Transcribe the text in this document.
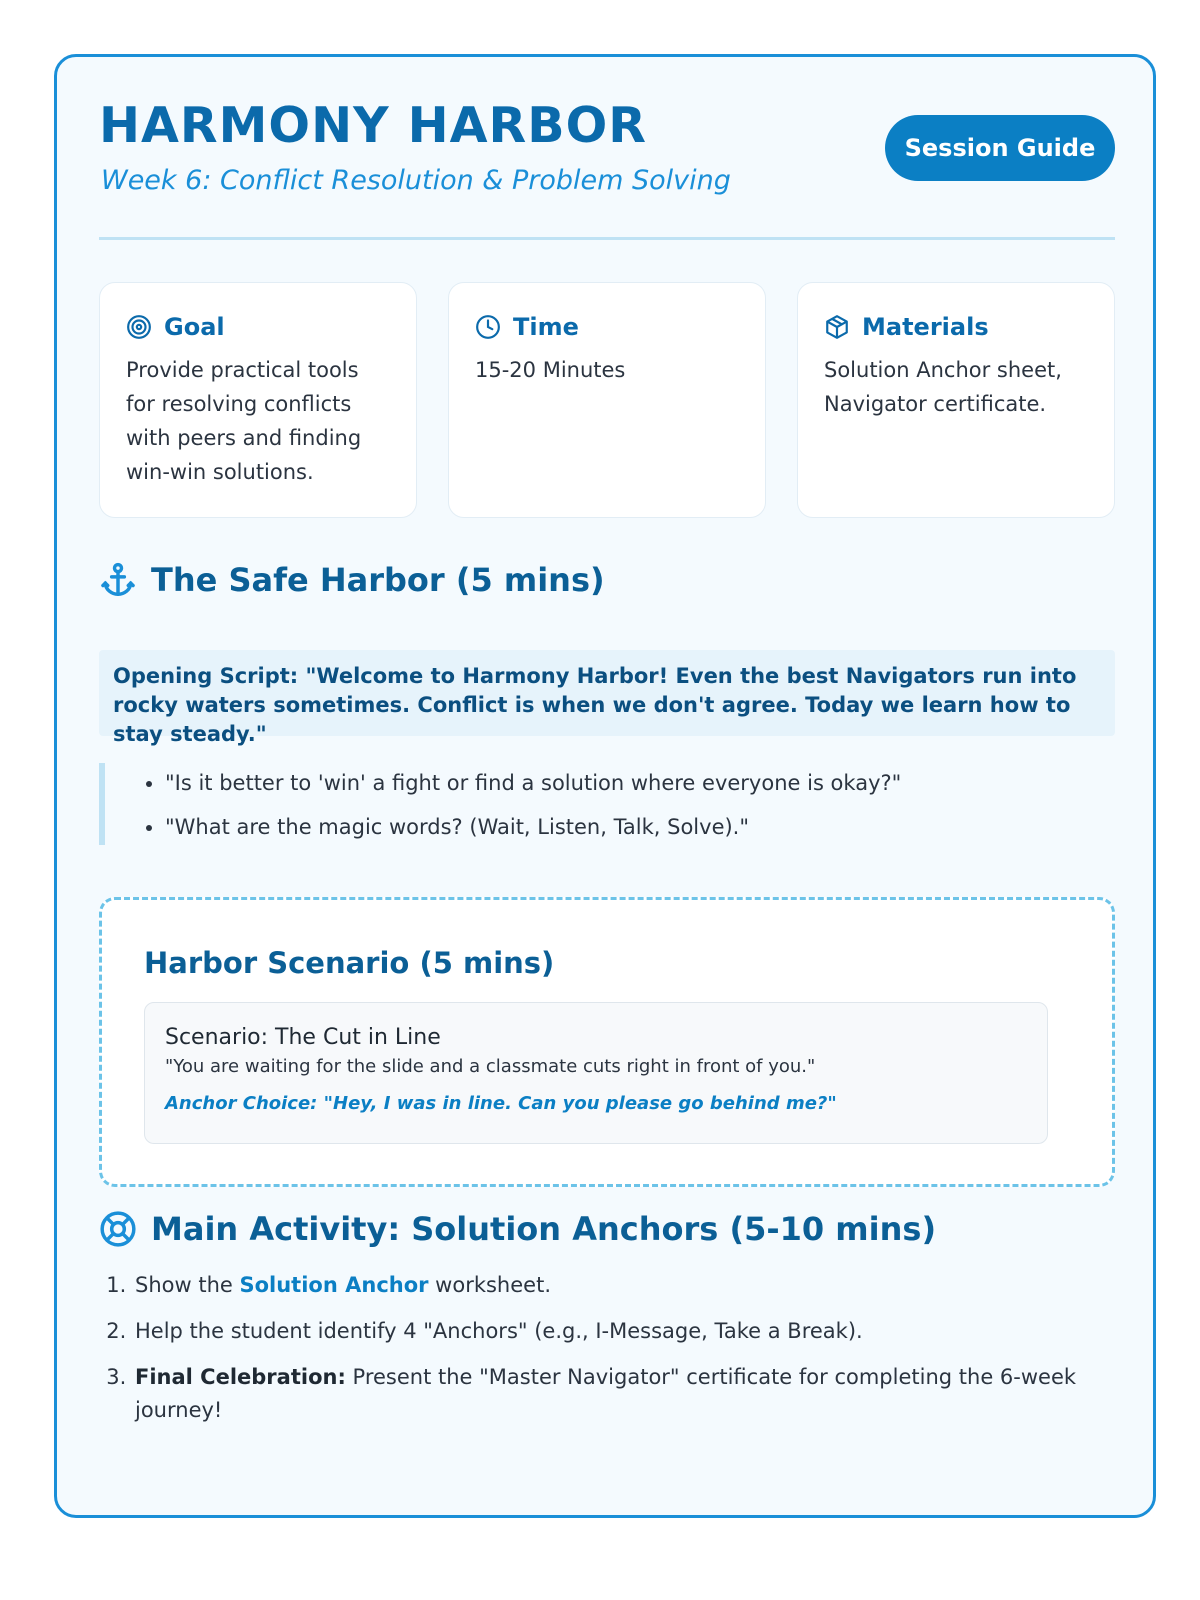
HARMONY HARBOR
Week 6: Conflict Resolution & Problem Solving
Session Guide
Goal
Provide practical tools for resolving conflicts with peers and finding win-win solutions.
Time
15-20 Minutes
Materials
Solution Anchor sheet, Navigator certificate.
The Safe Harbor (5 mins)
Opening Script: "Welcome to Harmony Harbor! Even the best Navigators run into rocky waters sometimes. Conflict is when we don't agree. Today we learn how to stay steady."
• "Is it better to 'win' a fight or find a solution where everyone is okay?"
• "What are the magic words? (Wait, Listen, Talk, Solve)."
Harbor Scenario (5 mins)
Scenario: The Cut in Line
"You are waiting for the slide and a classmate cuts right in front of you."
Anchor Choice: "Hey, I was in line. Can you please go behind me?"
Main Activity: Solution Anchors (5-10 mins)
1. Show the Solution Anchor worksheet.
2. Help the student identify 4 "Anchors" (e.g., I-Message, Take a Break).
3. Final Celebration: Present the "Master Navigator" certificate for completing the 6-week journey!
